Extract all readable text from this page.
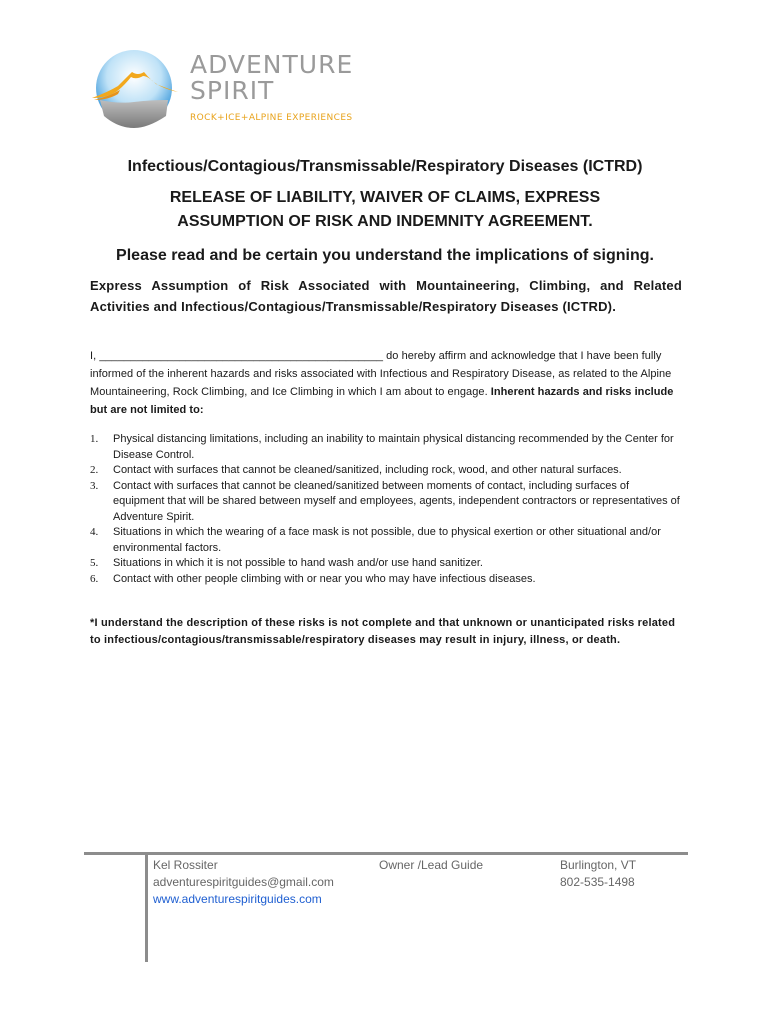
ADVENTURE
SPIRIT
ROCK+ICE+ALPINE EXPERIENCES
Infectious/Contagious/Transmissable/Respiratory Diseases (ICTRD)
RELEASE OF LIABILITY, WAIVER OF CLAIMS, EXPRESS
ASSUMPTION OF RISK AND INDEMNITY AGREEMENT.
Please read and be certain you understand the implications of signing.
Express Assumption of Risk Associated with Mountaineering, Climbing, and Related Activities and Infectious/Contagious/Transmissable/Respiratory Diseases (ICTRD).
I, ______________________________________________ do hereby affirm and acknowledge that I have been fully informed of the inherent hazards and risks associated with Infectious and Respiratory Disease, as related to the Alpine Mountaineering, Rock Climbing, and Ice Climbing in which I am about to engage. Inherent hazards and risks include but are not limited to:
1. Physical distancing limitations, including an inability to maintain physical distancing recommended by the Center for Disease Control.
2. Contact with surfaces that cannot be cleaned/sanitized, including rock, wood, and other natural surfaces.
3. Contact with surfaces that cannot be cleaned/sanitized between moments of contact, including surfaces of equipment that will be shared between myself and employees, agents, independent contractors or representatives of Adventure Spirit.
4. Situations in which the wearing of a face mask is not possible, due to physical exertion or other situational and/or environmental factors.
5. Situations in which it is not possible to hand wash and/or use hand sanitizer.
6. Contact with other people climbing with or near you who may have infectious diseases.
*I understand the description of these risks is not complete and that unknown or unanticipated risks related to infectious/contagious/transmissable/respiratory diseases may result in injury, illness, or death.
Kel Rossiter
adventurespiritguides@gmail.com
www.adventurespiritguides.com
Owner /Lead Guide	Burlington, VT
802-535-1498
